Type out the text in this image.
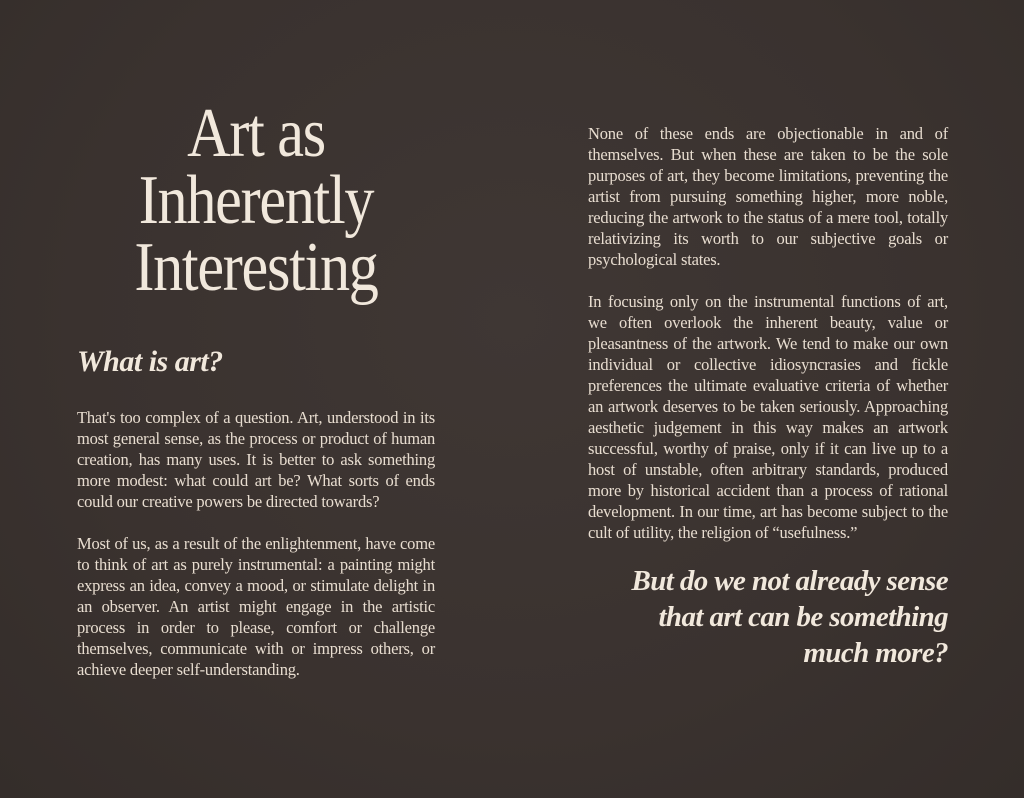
Art as
Inherently
Interesting
What is art?

That's too complex of a question. Art, understood in its most general sense, as the process or product of human creation, has many uses. It is better to ask something more modest: what could art be? What sorts of ends could our creative powers be directed towards?

Most of us, as a result of the enlightenment, have come to think of art as purely instrumental: a painting might express an idea, convey a mood, or stimulate delight in an observer. An artist might engage in the artistic process in order to please, comfort or challenge themselves, communicate with or impress others, or achieve deeper self-understanding.

None of these ends are objectionable in and of themselves. But when these are taken to be the sole purposes of art, they become limitations, preventing the artist from pursuing something higher, more noble, reducing the artwork to the status of a mere tool, totally relativizing its worth to our subjective goals or psychological states.

In focusing only on the instrumental functions of art, we often overlook the inherent beauty, value or pleasantness of the artwork. We tend to make our own individual or collective idiosyncrasies and fickle preferences the ultimate evaluative criteria of whether an artwork deserves to be taken seriously. Approaching aesthetic judgement in this way makes an artwork successful, worthy of praise, only if it can live up to a host of unstable, often arbitrary standards, produced more by historical accident than a process of rational development. In our time, art has become subject to the cult of utility, the religion of “usefulness.”

But do we not already sense
that art can be something
much more?
